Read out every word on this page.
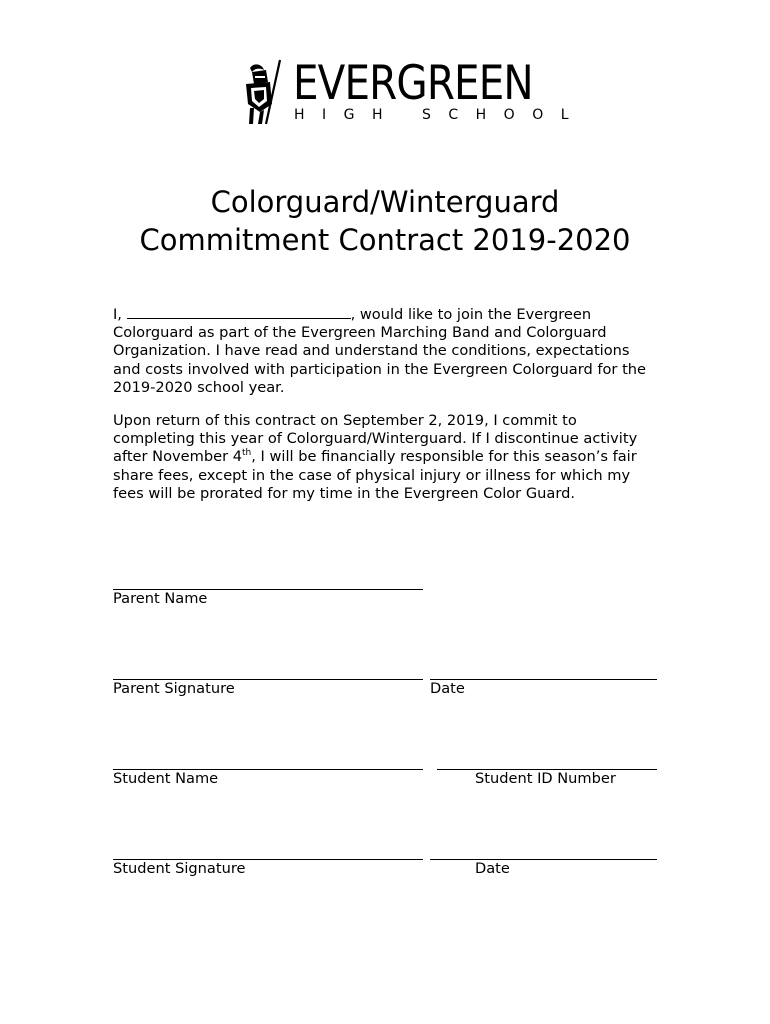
EVERGREEN
HIGH SCHOOL
Colorguard/Winterguard
Commitment Contract 2019-2020
I,	, would like to join the Evergreen Colorguard as part of the Evergreen Marching Band and Colorguard Organization. I have read and understand the conditions, expectations and costs involved with participation in the Evergreen Colorguard for the 2019-2020 school year.
Upon return of this contract on September 2, 2019, I commit to completing this year of Colorguard/Winterguard. If I discontinue activity after November 4th, I will be financially responsible for this season’s fair share fees, except in the case of physical injury or illness for which my fees will be prorated for my time in the Evergreen Color Guard.
Parent Name
Parent Signature	Date
Student Name	Student ID Number
Student Signature	Date
